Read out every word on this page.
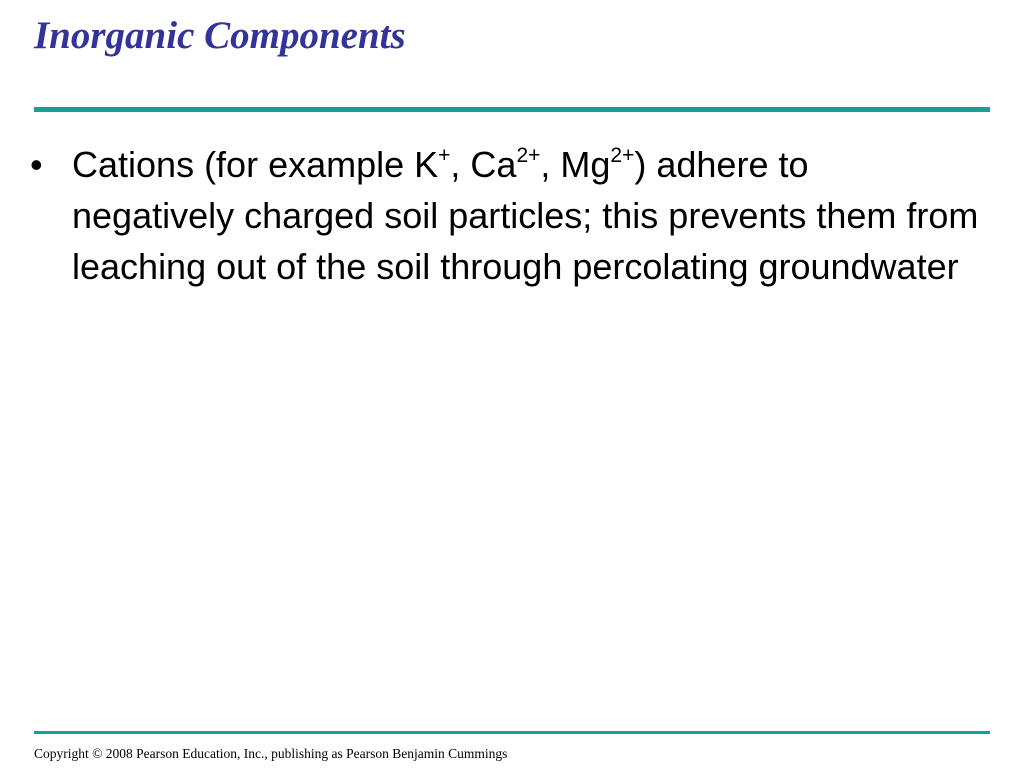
Inorganic Components
• Cations (for example K+, $Ca^{2+}$, $Mg^{2+}$) adhere to negatively charged soil particles; this prevents them from leaching out of the soil through percolating groundwater

Copyright © 2008 Pearson Education, Inc., publishing as Pearson Benjamin Cummings
